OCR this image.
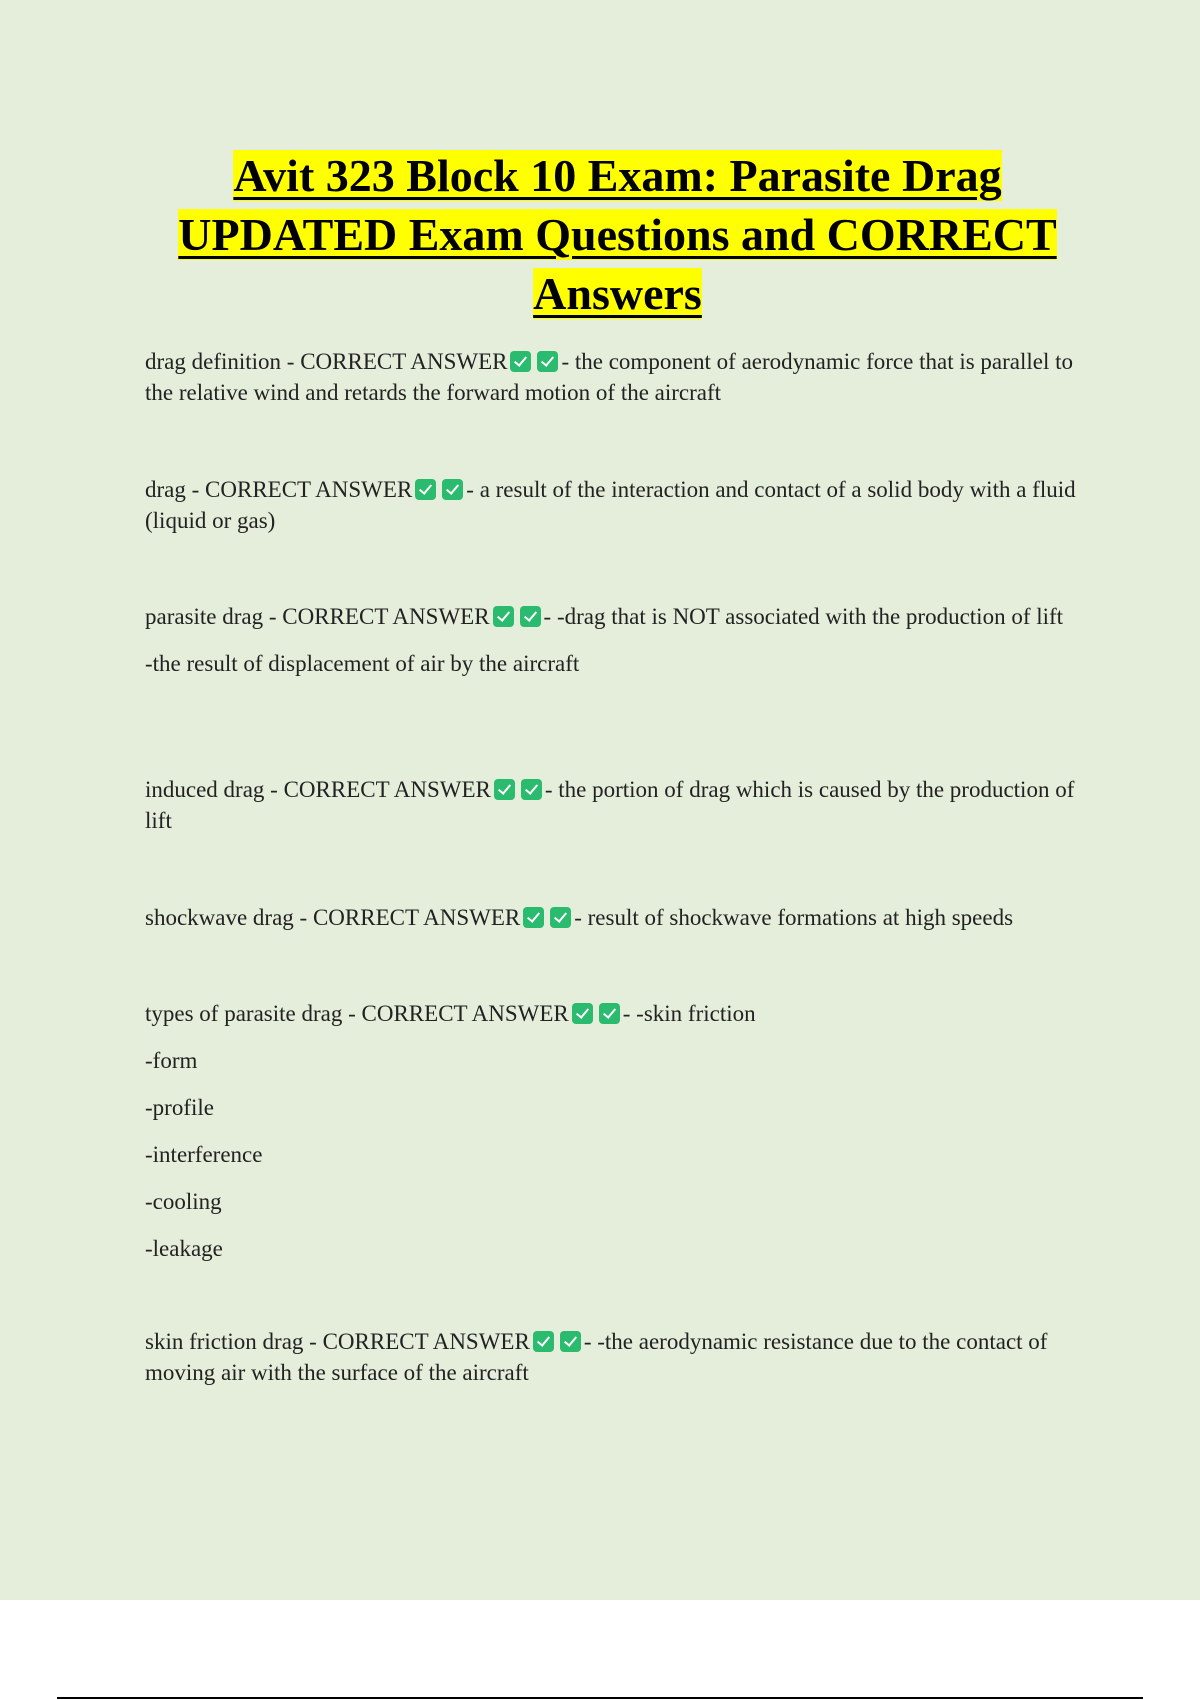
Avit 323 Block 10 Exam: Parasite Drag
UPDATED Exam Questions and CORRECT
Answers

drag definition - CORRECT ANSWER - the component of aerodynamic force that is parallel to the relative wind and retards the forward motion of the aircraft

drag - CORRECT ANSWER - a result of the interaction and contact of a solid body with a fluid (liquid or gas)

parasite drag - CORRECT ANSWER - -drag that is NOT associated with the production of lift

-the result of displacement of air by the aircraft

induced drag - CORRECT ANSWER - the portion of drag which is caused by the production of lift

shockwave drag - CORRECT ANSWER - result of shockwave formations at high speeds

types of parasite drag - CORRECT ANSWER - -skin friction

-form

-profile

-interference

-cooling

-leakage

skin friction drag - CORRECT ANSWER - -the aerodynamic resistance due to the contact of moving air with the surface of the aircraft
